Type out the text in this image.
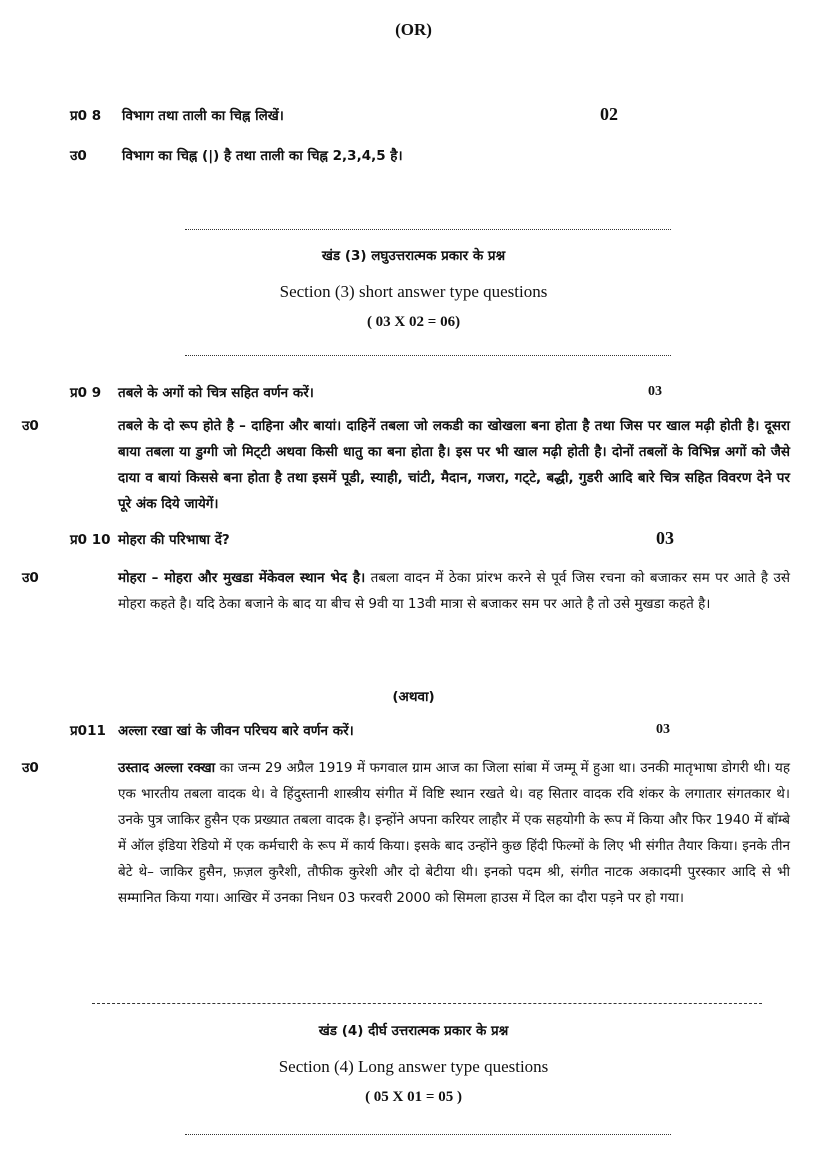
(OR)
प्र0 8 विभाग तथा ताली का चिह्न लिखें।	02
उ0	विभाग का चिह्न (|) है तथा ताली का चिह्न 2,3,4,5 है।
खंड (3) लघुउत्तरात्मक प्रकार के प्रश्न
Section (3) short answer type questions
( 03 X 02 = 06)
प्र0 9 तबले के अगों को चित्र सहित वर्णन करें।	03
उ0	तबले के दो रूप होते है – दाहिना और बायां। दाहिनें तबला जो लकडी का खोखला बना होता है तथा जिस पर खाल मढ़ी होती है। दूसरा बाया तबला या डुग्गी जो मिट्‌टी अथवा किसी धातु का बना होता है। इस पर भी खाल मढ़ी होती है। दोनों तबलों के विभिन्न अगों को जैसे दाया व बायां किससे बना होता है तथा इसमें पूडी, स्याही, चांटी, मैदान, गजरा, गट्‌टे, बद्धी, गुडरी आदि बारे चित्र सहित विवरण देने पर पूरे अंक दिये जायेगें।
प्र0 10 मोहरा की परिभाषा दें?	03
उ0	मोहरा – मोहरा और मुखडा मेंकेवल स्थान भेद है। तबला वादन में ठेका प्रांरभ करने से पूर्व जिस रचना को बजाकर सम पर आते है उसे मोहरा कहते है। यदि ठेका बजाने के बाद या बीच से 9वी या 13वी मात्रा से बजाकर सम पर आते है तो उसे मुखडा कहते है।
(अथवा)
प्र011 अल्ला रखा खां के जीवन परिचय बारे वर्णन करें।	03
उ0	उस्ताद अल्ला रक्खा का जन्म 29 अप्रैल 1919 में फगवाल ग्राम आज का जिला सांबा में जम्मू में हुआ था। उनकी मातृभाषा डोगरी थी। यह एक भारतीय तबला वादक थे। वे हिंदुस्तानी शास्त्रीय संगीत में विष्टि स्थान रखते थे। वह सितार वादक रवि शंकर के लगातार संगतकार थे। उनके पुत्र जाकिर हुसैन एक प्रख्यात तबला वादक है। इन्होंने अपना करियर लाहौर में एक सहयोगी के रूप में किया और फिर 1940 में बॉम्बे में ऑल इंडिया रेडियो में एक कर्मचारी के रूप में कार्य किया। इसके बाद उन्होंने कुछ हिंदी फिल्मों के लिए भी संगीत तैयार किया। इनके तीन बेटे थे– जाकिर हुसैन, फ़ज़ल कुरैशी, तौफीक कुरेशी और दो बेटीया थी। इनको पदम श्री, संगीत नाटक अकादमी पुरस्कार आदि से भी सम्मानित किया गया। आखिर में उनका निधन 03 फरवरी 2000 को सिमला हाउस में दिल का दौरा पड़ने पर हो गया।
खंड (4) दीर्घ उत्तरात्मक प्रकार के प्रश्न
Section (4) Long answer type questions
( 05 X 01 = 05 )
